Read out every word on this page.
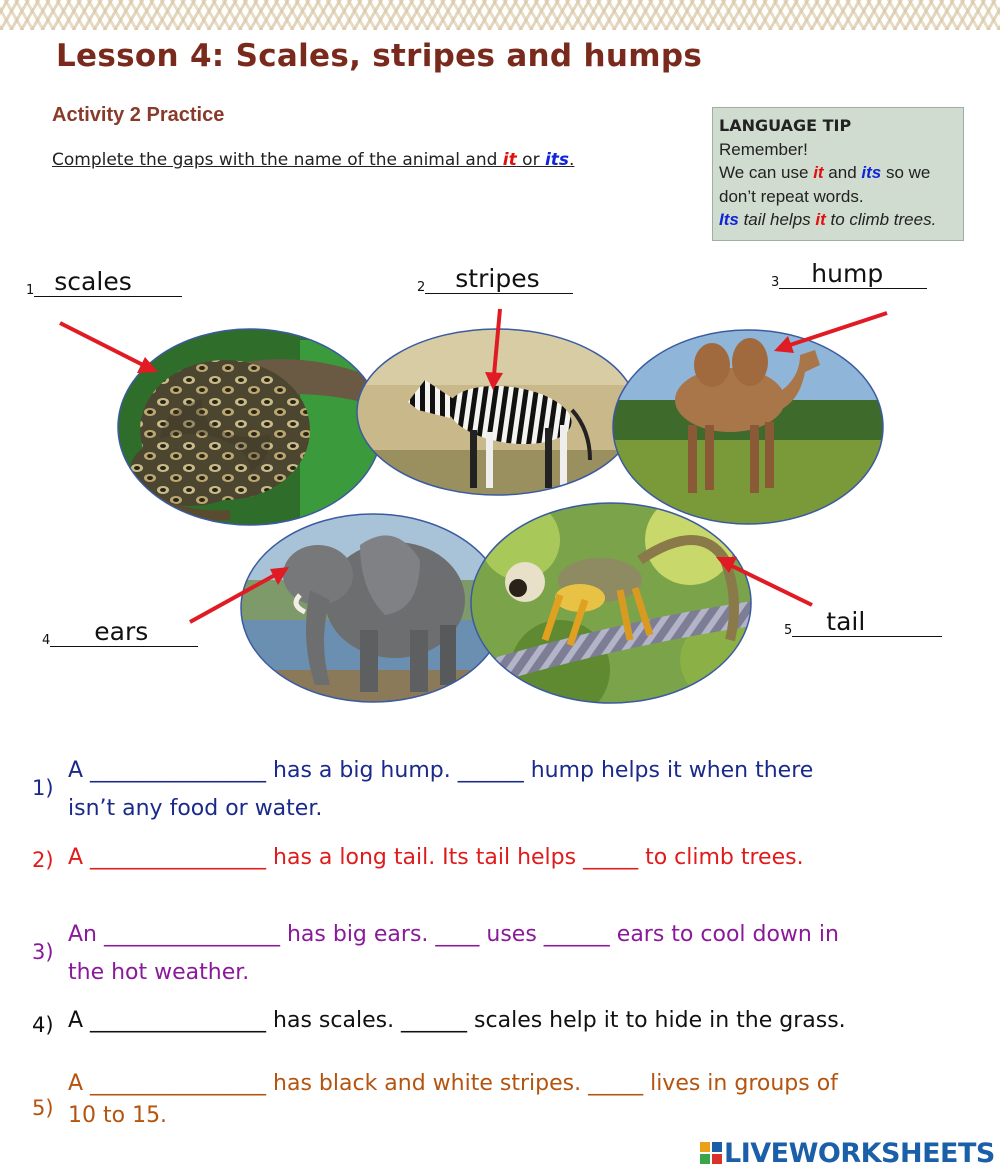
Lesson 4: Scales, stripes and humps
Activity 2 Practice
Complete the gaps with the name of the animal and it or its.
LANGUAGE TIP
Remember!
We can use it and its so we
don’t repeat words.
Its tail helps it to climb trees.
$_1$ scales	$_2$ stripes	$_3$ hump
$_4$ ears	$_5$ tail
1)
A ________________ has a big hump. ______ hump helps it when there
isn’t any food or water.
2) A ________________ has a long tail. Its tail helps _____ to climb trees.
3)
An ________________ has big ears. ____ uses ______ ears to cool down in
the hot weather.
4) A ________________ has scales. ______ scales help it to hide in the grass.
5)
A ________________ has black and white stripes. _____ lives in groups of
10 to 15.
LIVEWORKSHEETS
